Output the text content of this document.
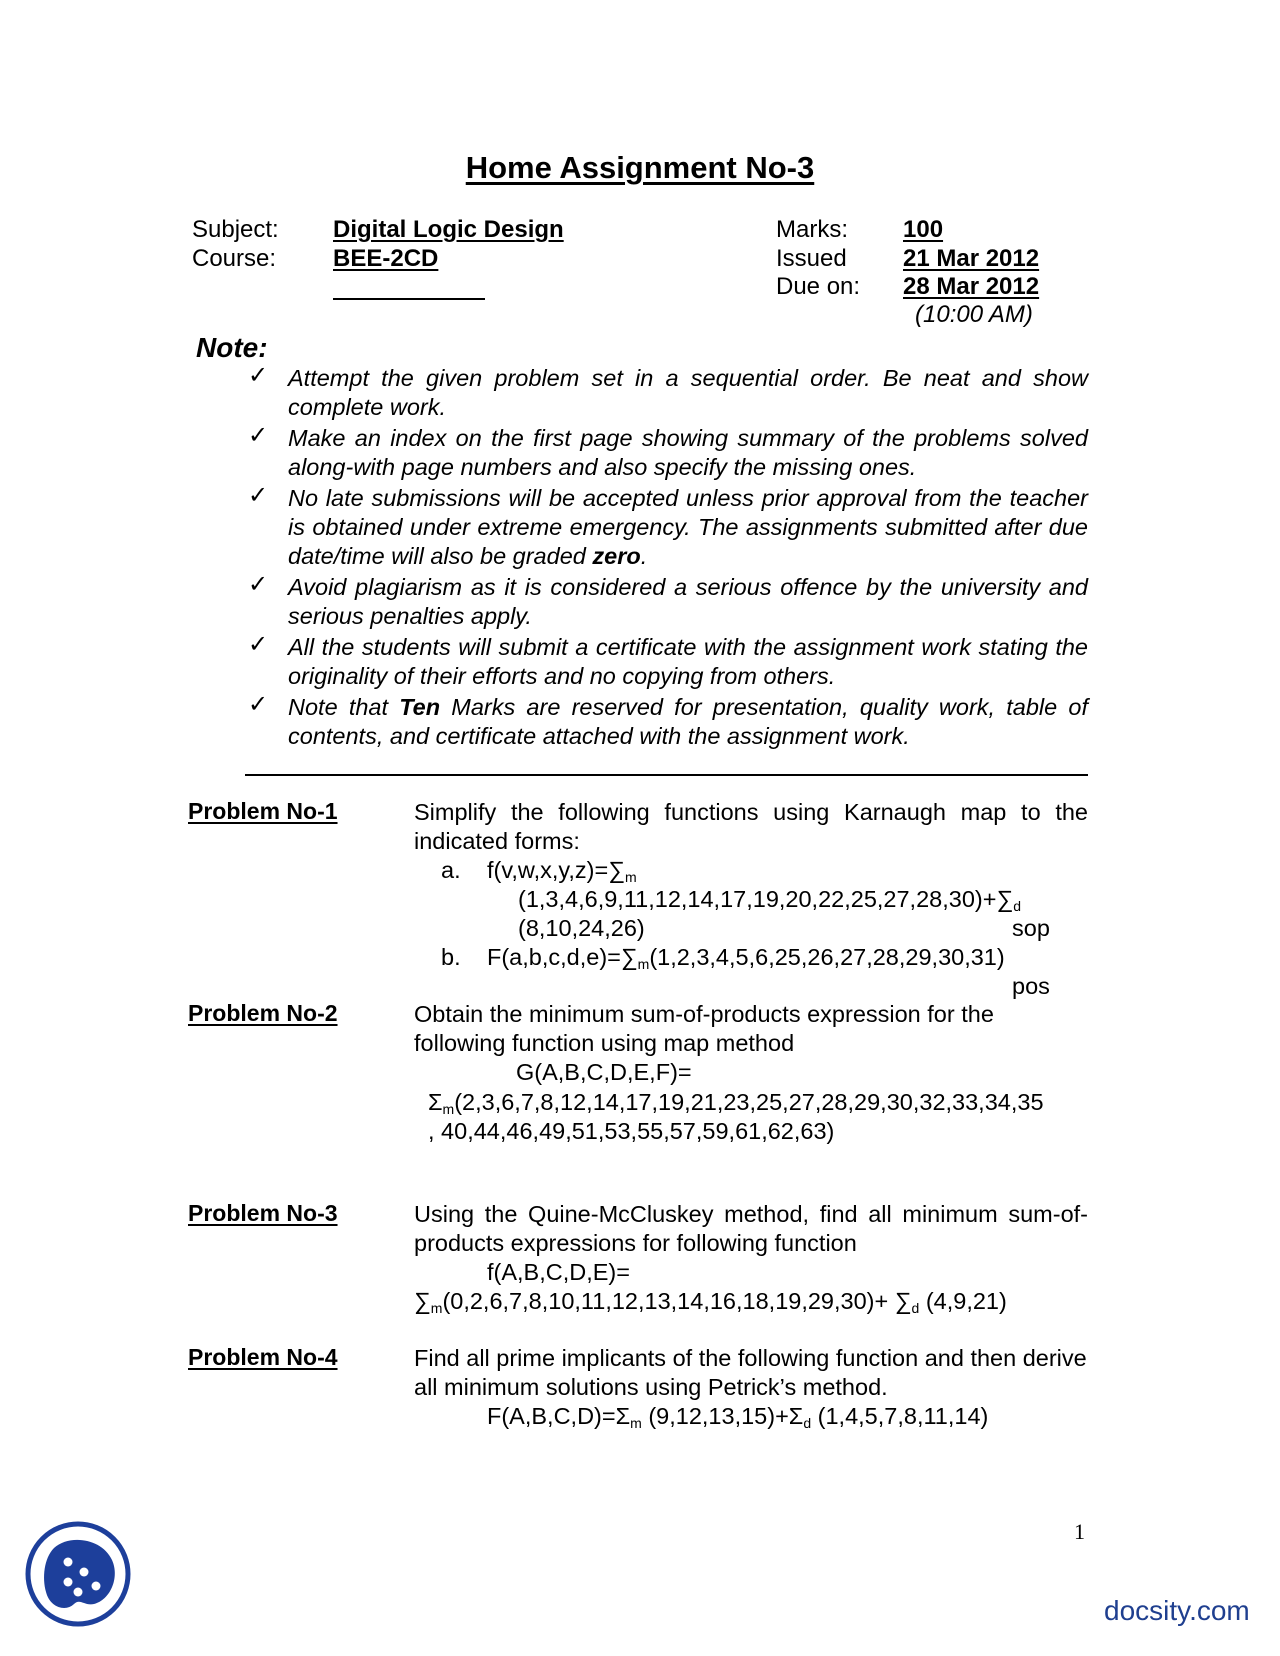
Home Assignment No-3
Subject: Digital Logic Design
Course: BEE-2CD
Marks: 100
Issued 21 Mar 2012
Due on: 28 Mar 2012
(10:00 AM)
Note:
✓ Attempt the given problem set in a sequential order. Be neat and show complete work.
✓ Make an index on the first page showing summary of the problems solved along-with page numbers and also specify the missing ones.
✓ No late submissions will be accepted unless prior approval from the teacher is obtained under extreme emergency. The assignments submitted after due date/time will also be graded zero.
✓ Avoid plagiarism as it is considered a serious offence by the university and serious penalties apply.
✓ All the students will submit a certificate with the assignment work stating the originality of their efforts and no copying from others.
✓ Note that Ten Marks are reserved for presentation, quality work, table of contents, and certificate attached with the assignment work.
Problem No-1	Simplify the following functions using Karnaugh map to the indicated forms:
a. $f(v,w,x,y,z)=\sum_m$
$(1,3,4,6,9,11,12,14,17,19,20,22,25,27,28,30)+\sum_d$
(8,10,24,26)	sop
b. $F(a,b,c,d,e)=\sum_m(1,2,3,4,5,6,25,26,27,28,29,30,31)$
pos
Problem No-2	Obtain the minimum sum-of-products expression for the following function using map method
G(A,B,C,D,E,F)=
$\Sigma_m(2,3,6,7,8,12,14,17,19,21,23,25,27,28,29,30,32,33,34,35$
, 40,44,46,49,51,53,55,57,59,61,62,63)
Problem No-3	Using the Quine-McCluskey method, find all minimum sum-of-products expressions for following function
f(A,B,C,D,E)=
$\sum_m(0,2,6,7,8,10,11,12,13,14,16,18,19,29,30)+ \sum_d$ (4,9,21)
Problem No-4	Find all prime implicants of the following function and then derive all minimum solutions using Petrick’s method.
$F(A,B,C,D)=\Sigma_m$ $(9,12,13,15)+\Sigma_d$ (1,4,5,7,8,11,14)
1
docsity.com
